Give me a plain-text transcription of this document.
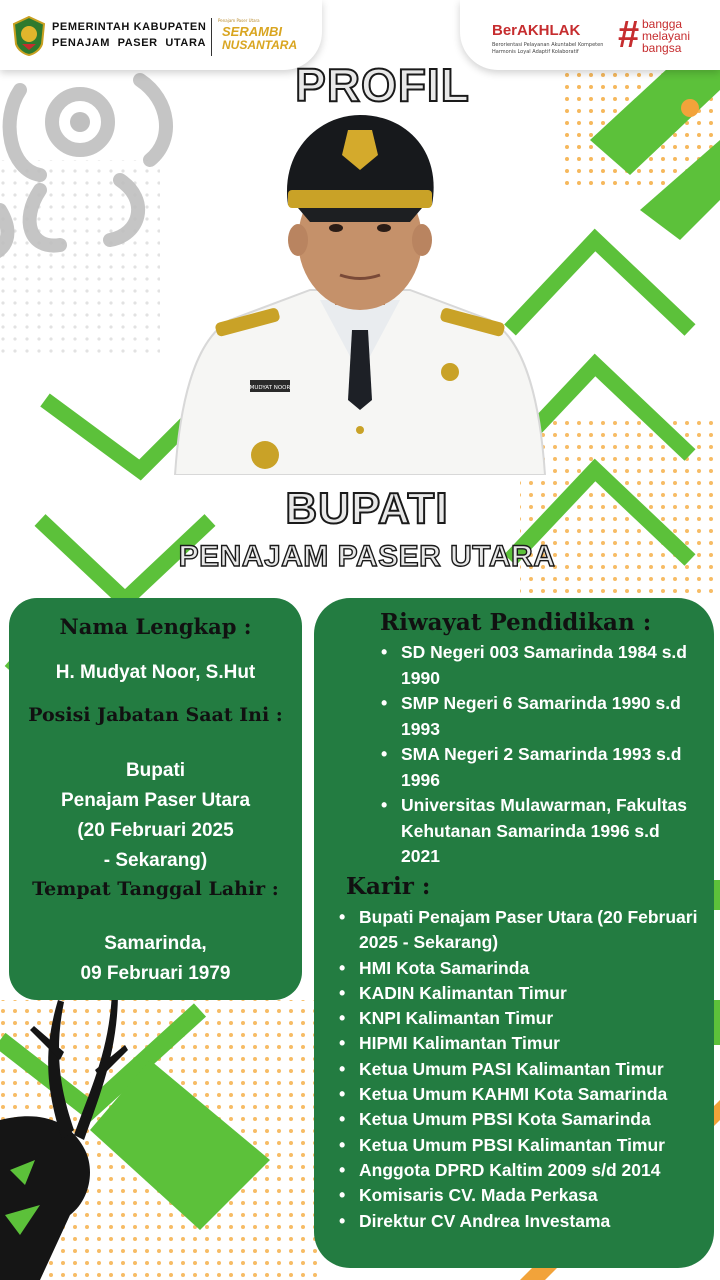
PEMERINTAH KABUPATEN
PENAJAM PASER UTARA
Penajam Paser Utara
SERAMBI
NUSANTARA
BerAKHLAK
Berorientasi Pelayanan Akuntabel Kompeten
Harmonis Loyal Adaptif Kolaboratif	# bangga
melayani
bangsa
PROFIL
MUDYAT NOOR
BUPATI
PENAJAM PASER UTARA
Nama Lengkap :
H. Mudyat Noor, S.Hut
Posisi Jabatan Saat Ini :
Bupati
Penajam Paser Utara
(20 Februari 2025
- Sekarang)
Tempat Tanggal Lahir :
Samarinda,
09 Februari 1979
Riwayat Pendidikan :
• SD Negeri 003 Samarinda 1984 s.d 1990
• SMP Negeri 6 Samarinda 1990 s.d 1993
• SMA Negeri 2 Samarinda 1993 s.d 1996
• Universitas Mulawarman, Fakultas Kehutanan Samarinda 1996 s.d 2021
Karir :
• Bupati Penajam Paser Utara (20 Februari 2025 - Sekarang)
• HMI Kota Samarinda
• KADIN Kalimantan Timur
• KNPI Kalimantan Timur
• HIPMI Kalimantan Timur
• Ketua Umum PASI Kalimantan Timur
• Ketua Umum KAHMI Kota Samarinda
• Ketua Umum PBSI Kota Samarinda
• Ketua Umum PBSI Kalimantan Timur
• Anggota DPRD Kaltim 2009 s/d 2014
• Komisaris CV. Mada Perkasa
• Direktur CV Andrea Investama
